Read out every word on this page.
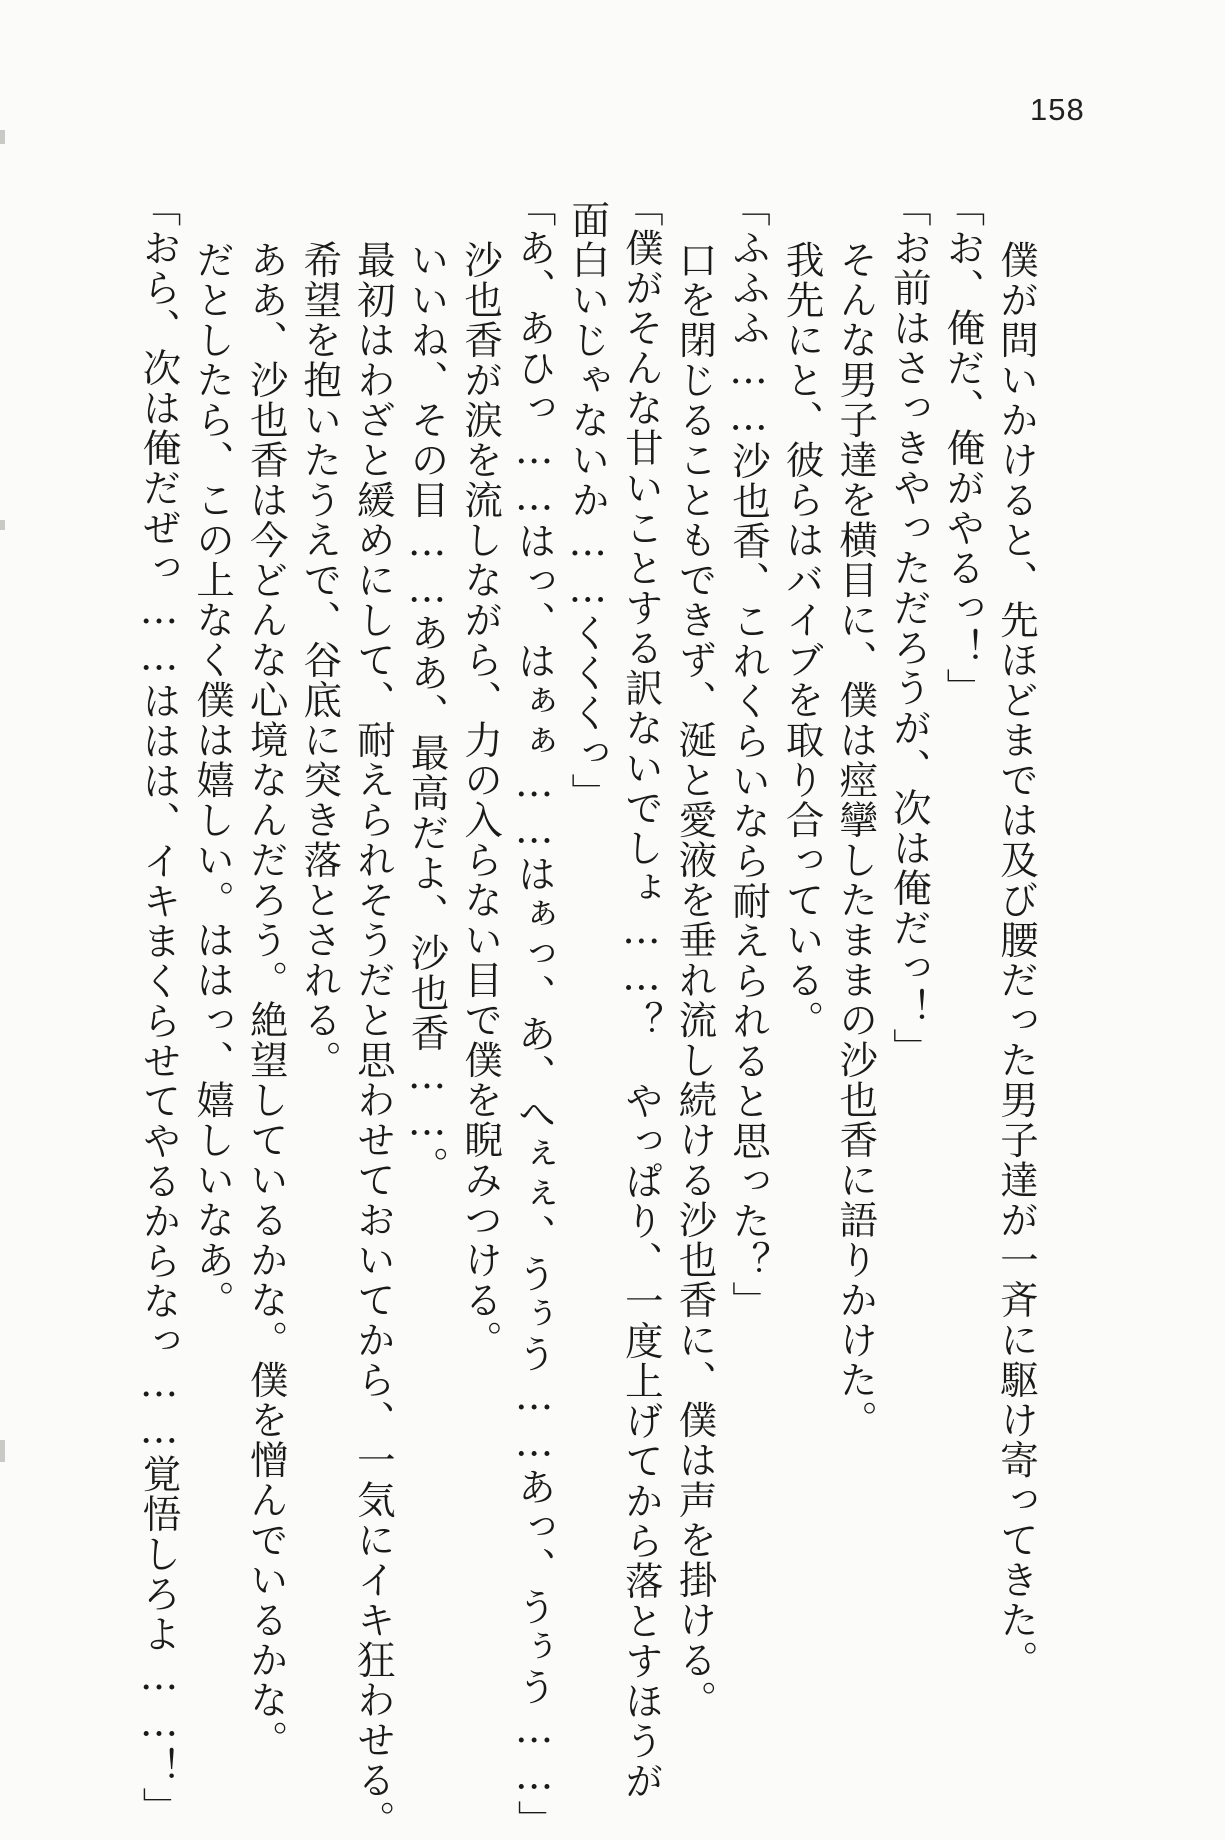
158
　僕が問いかけると、先ほどまでは及び腰だった男子達が一斉に駆け寄ってきた。
「お、俺だ、俺がやるっ！」
「お前はさっきやっただろうが、次は俺だっ！」
　そんな男子達を横目に、僕は痙攣したままの沙也香に語りかけた。
　我先にと、彼らはバイブを取り合っている。
「ふふふ……沙也香、これくらいなら耐えられると思った？」
　口を閉じることもできず、涎と愛液を垂れ流し続ける沙也香に、僕は声を掛ける。
「僕がそんな甘いことする訳ないでしょ……？　やっぱり、一度上げてから落とすほうが
面白いじゃないか……くくくっ」
「あ、あひっ……はっ、はぁぁ……はぁっ、あ、へぇぇ、うぅう……あっ、うぅう……」
　沙也香が涙を流しながら、力の入らない目で僕を睨みつける。
　いいね、その目……ああ、最高だよ、沙也香……。
　最初はわざと緩めにして、耐えられそうだと思わせておいてから、一気にイキ狂わせる。
　希望を抱いたうえで、谷底に突き落とされる。
　ああ、沙也香は今どんな心境なんだろう。絶望しているかな。僕を憎んでいるかな。
　だとしたら、この上なく僕は嬉しい。ははっ、嬉しいなあ。
「おら、次は俺だぜっ……ははは、イキまくらせてやるからなっ……覚悟しろよ……！」
